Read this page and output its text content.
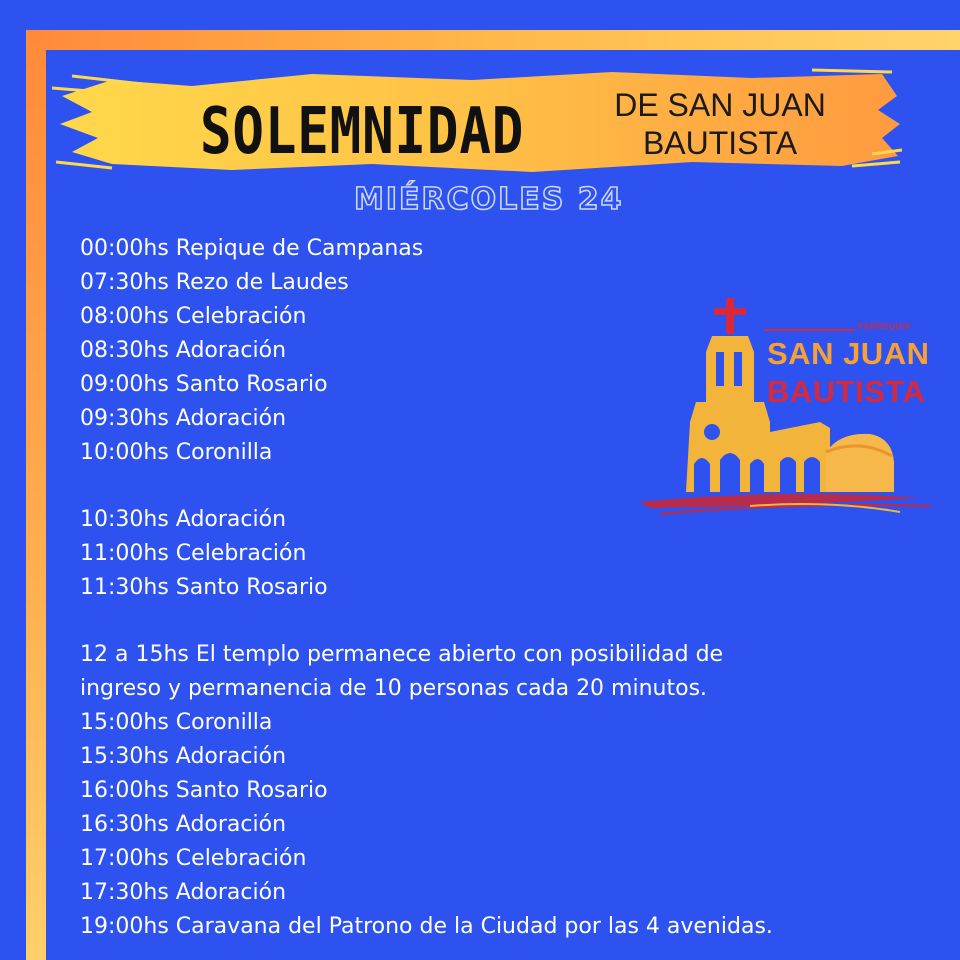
SOLEMNIDAD	DE SAN JUAN
BAUTISTA
MIÉRCOLES 24
00:00hs Repique de Campanas
07:30hs Rezo de Laudes
08:00hs Celebración
08:30hs Adoración
09:00hs Santo Rosario
09:30hs Adoración
10:00hs Coronilla
10:30hs Adoración
11:00hs Celebración
11:30hs Santo Rosario
12 a 15hs El templo permanece abierto con posibilidad de
ingreso y permanencia de 10 personas cada 20 minutos.
15:00hs Coronilla
15:30hs Adoración
16:00hs Santo Rosario
16:30hs Adoración
17:00hs Celebración
17:30hs Adoración
19:00hs Caravana del Patrono de la Ciudad por las 4 avenidas.
PARROQUIA
SAN JUAN
BAUTISTA
